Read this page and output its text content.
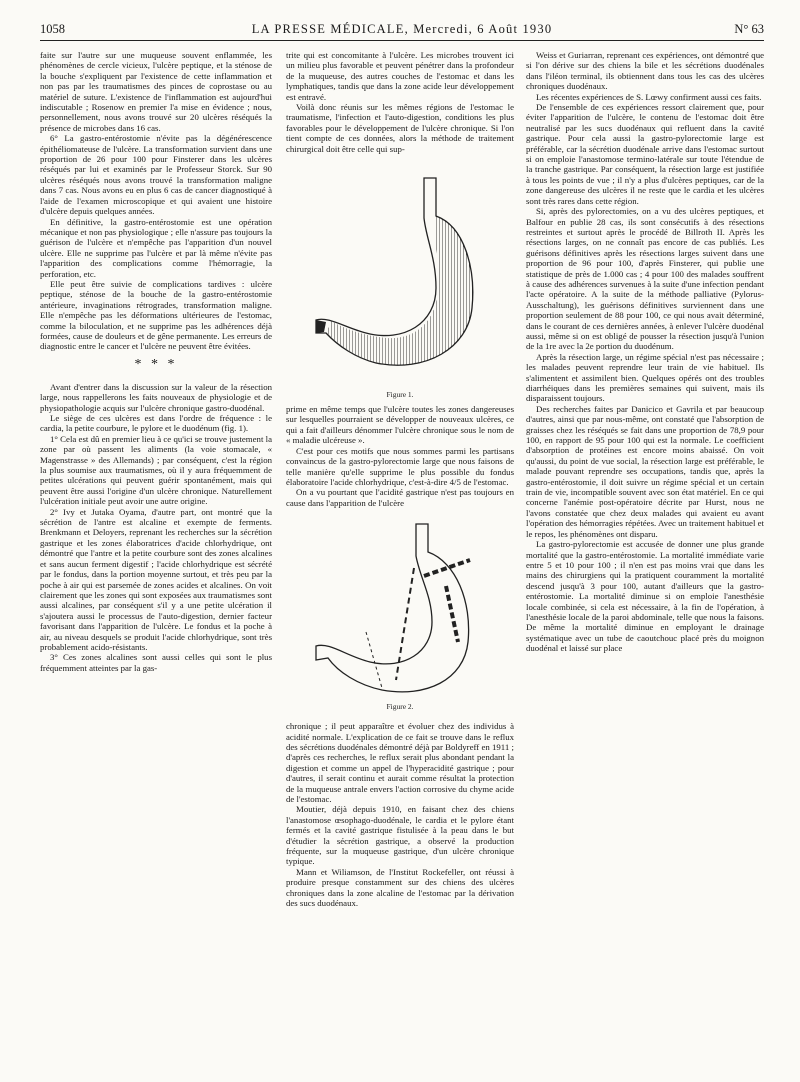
1058	LA PRESSE MÉDICALE, Mercredi, 6 Août 1930	N° 63

faite sur l'autre sur une muqueuse souvent enflammée, les phénomènes de cercle vicieux, l'ulcère peptique, et la sténose de la bouche s'expliquent par l'existence de cette inflammation et non pas par les traumatismes des pinces de coprostase ou au matériel de suture. L'existence de l'inflammation est aujourd'hui indiscutable ; Rosenow en premier l'a mise en évidence ; nous, personnellement, nous avons trouvé sur 20 ulcères réséqués la présence de microbes dans 16 cas.

6° La gastro-entérostomie n'évite pas la dégénérescence épithéliomateuse de l'ulcère. La transformation survient dans une proportion de 26 pour 100 pour Finsterer dans les ulcères réséqués par lui et examinés par le Professeur Storck. Sur 90 ulcères réséqués nous avons trouvé la transformation maligne dans 7 cas. Nous avons eu en plus 6 cas de cancer diagnostiqué à l'aide de l'examen microscopique et qui avaient une histoire d'ulcère depuis quelques années.

En définitive, la gastro-entérostomie est une opération mécanique et non pas physiologique ; elle n'assure pas toujours la guérison de l'ulcère et n'empêche pas l'apparition d'un nouvel ulcère. Elle ne supprime pas l'ulcère et par là même n'évite pas l'apparition des complications comme l'hémorragie, la perforation, etc.

Elle peut être suivie de complications tardives : ulcère peptique, sténose de la bouche de la gastro-entérostomie antérieure, invaginations rétrogrades, transformation maligne. Elle n'empêche pas les déformations ultérieures de l'estomac, comme la biloculation, et ne supprime pas les adhérences déjà formées, cause de douleurs et de gêne permanente. Les erreurs de diagnostic entre le cancer et l'ulcère ne peuvent être évitées.

* * *

Avant d'entrer dans la discussion sur la valeur de la résection large, nous rappellerons les faits nouveaux de physiologie et de physiopathologie acquis sur l'ulcère chronique gastro-duodénal.

Le siège de ces ulcères est dans l'ordre de fréquence : le cardia, la petite courbure, le pylore et le duodénum (fig. 1).

1° Cela est dû en premier lieu à ce qu'ici se trouve justement la zone par où passent les aliments (la voie stomacale, « Magenstrasse » des Allemands) ; par conséquent, c'est la région la plus soumise aux traumatismes, où il y aura fréquemment de petites ulcérations qui peuvent guérir spontanément, mais qui peuvent être aussi l'origine d'un ulcère chronique. Naturellement l'ulcération initiale peut avoir une autre origine.

2° Ivy et Jutaka Oyama, d'autre part, ont montré que la sécrétion de l'antre est alcaline et exempte de ferments. Brenkmann et Deloyers, reprenant les recherches sur la sécrétion gastrique et les zones élaboratrices d'acide chlorhydrique, ont démontré que l'antre et la petite courbure sont des zones alcalines et sans aucun ferment digestif ; l'acide chlorhydrique est sécrété par le fondus, dans la portion moyenne surtout, et très peu par la poche à air qui est parsemée de zones acides et alcalines. On voit clairement que les zones qui sont exposées aux traumatismes sont aussi alcalines, par conséquent s'il y a une petite ulcération il s'ajoutera aussi le processus de l'auto-digestion, dernier facteur favorisant dans l'apparition de l'ulcère. Le fondus et la poche à air, au niveau desquels se produit l'acide chlorhydrique, sont très probablement acido-résistants.

3° Ces zones alcalines sont aussi celles qui sont le plus fréquemment atteintes par la gas-

trite qui est concomitante à l'ulcère. Les microbes trouvent ici un milieu plus favorable et peuvent pénétrer dans la profondeur de la muqueuse, des autres couches de l'estomac et dans les lymphatiques, tandis que dans la zone acide leur développement est entravé.

Voilà donc réunis sur les mêmes régions de l'estomac le traumatisme, l'infection et l'auto-digestion, conditions les plus favorables pour le développement de l'ulcère chronique. Si l'on tient compte de ces données, alors la méthode de traitement chirurgical doit être celle qui sup-

Figure 1.

prime en même temps que l'ulcère toutes les zones dangereuses sur lesquelles pourraient se développer de nouveaux ulcères, ce qui a fait d'ailleurs dénommer l'ulcère chronique sous le nom de « maladie ulcéreuse ».

C'est pour ces motifs que nous sommes parmi les partisans convaincus de la gastro-pylorectomie large que nous faisons de telle manière qu'elle supprime le plus possible du fondus élaboratoire l'acide chlorhydrique, c'est-à-dire 4/5 de l'estomac.

On a vu pourtant que l'acidité gastrique n'est pas toujours en cause dans l'apparition de l'ulcère

Figure 2.

chronique ; il peut apparaître et évoluer chez des individus à acidité normale. L'explication de ce fait se trouve dans le reflux des sécrétions duodénales démontré déjà par Boldyreff en 1911 ; d'après ces recherches, le reflux serait plus abondant pendant la digestion et comme un appel de l'hyperacidité gastrique ; pour d'autres, il serait continu et aurait comme résultat la protection de la muqueuse antrale envers l'action corrosive du chyme acide de l'estomac.

Moutier, déjà depuis 1910, en faisant chez des chiens l'anastomose œsophago-duodénale, le cardia et le pylore étant fermés et la cavité gastrique fistulisée à la peau dans le but d'étudier la sécrétion gastrique, a observé la production fréquente, sur la muqueuse gastrique, d'un ulcère chronique typique.

Mann et Wiliamson, de l'Institut Rockefeller, ont réussi à produire presque constamment sur des chiens des ulcères chroniques dans la zone alcaline de l'estomac par la dérivation des sucs duodénaux.

Weiss et Guriarran, reprenant ces expériences, ont démontré que si l'on dérive sur des chiens la bile et les sécrétions duodénales dans l'iléon terminal, ils obtiennent dans tous les cas des ulcères chroniques duodénaux.

Les récentes expériences de S. Lœwy confirment aussi ces faits.

De l'ensemble de ces expériences ressort clairement que, pour éviter l'apparition de l'ulcère, le contenu de l'estomac doit être neutralisé par les sucs duodénaux qui refluent dans la cavité gastrique. Pour cela aussi la gastro-pylorectomie large est préférable, car la sécrétion duodénale arrive dans l'estomac surtout si on emploie l'anastomose termino-latérale sur toute l'étendue de la tranche gastrique. Par conséquent, la résection large est justifiée à tous les points de vue ; il n'y a plus d'ulcères peptiques, car de la zone dangereuse des ulcères il ne reste que le cardia et les ulcères sont très rares dans cette région.

Si, après des pylorectomies, on a vu des ulcères peptiques, et Balfour en publie 28 cas, ils sont consécutifs à des résections restreintes et surtout après le procédé de Billroth II. Après les résections larges, on ne connaît pas encore de cas publiés. Les guérisons définitives après les résections larges suivent dans une proportion de 96 pour 100, d'après Finsterer, qui publie une statistique de près de 1.000 cas ; 4 pour 100 des malades souffrent à cause des adhérences survenues à la suite d'une infection pendant l'acte opératoire. A la suite de la méthode palliative (Pylorus-Ausschaltung), les guérisons définitives surviennent dans une proportion seulement de 88 pour 100, ce qui nous avait déterminé, dans le courant de ces dernières années, à enlever l'ulcère duodénal aussi, même si on est obligé de pousser la résection jusqu'à l'union de la 1re avec la 2e portion du duodénum.

Après la résection large, un régime spécial n'est pas nécessaire ; les malades peuvent reprendre leur train de vie habituel. Ils s'alimentent et assimilent bien. Quelques opérés ont des troubles diarrhéiques dans les premières semaines qui suivent, mais ils disparaissent toujours.

Des recherches faites par Danicico et Gavrila et par beaucoup d'autres, ainsi que par nous-même, ont constaté que l'absorption de graisses chez les réséqués se fait dans une proportion de 78,9 pour 100, en rapport de 95 pour 100 qui est la normale. Le coefficient d'absorption de protéines est encore moins abaissé. On voit qu'aussi, du point de vue social, la résection large est préférable, le malade pouvant reprendre ses occupations, tandis que, après la gastro-entérostomie, il doit suivre un régime spécial et un certain train de vie, incompatible souvent avec son état matériel. En ce qui concerne l'anémie post-opératoire décrite par Hurst, nous ne l'avons constatée que chez deux malades qui avaient eu avant l'opération des hémorragies répétées. Avec un traitement habituel et le repos, les phénomènes ont disparu.

La gastro-pylorectomie est accusée de donner une plus grande mortalité que la gastro-entérostomie. La mortalité immédiate varie entre 5 et 10 pour 100 ; il n'en est pas moins vrai que dans les mains des chirurgiens qui la pratiquent couramment la mortalité descend jusqu'à 3 pour 100, autant d'ailleurs que la gastro-entérostomie. La mortalité diminue si on emploie l'anesthésie locale combinée, si cela est nécessaire, à la fin de l'opération, à l'anesthésie locale de la paroi abdominale, telle que nous la faisons. De même la mortalité diminue en employant le drainage systématique avec un tube de caoutchouc placé près du moignon duodénal et laissé sur place
